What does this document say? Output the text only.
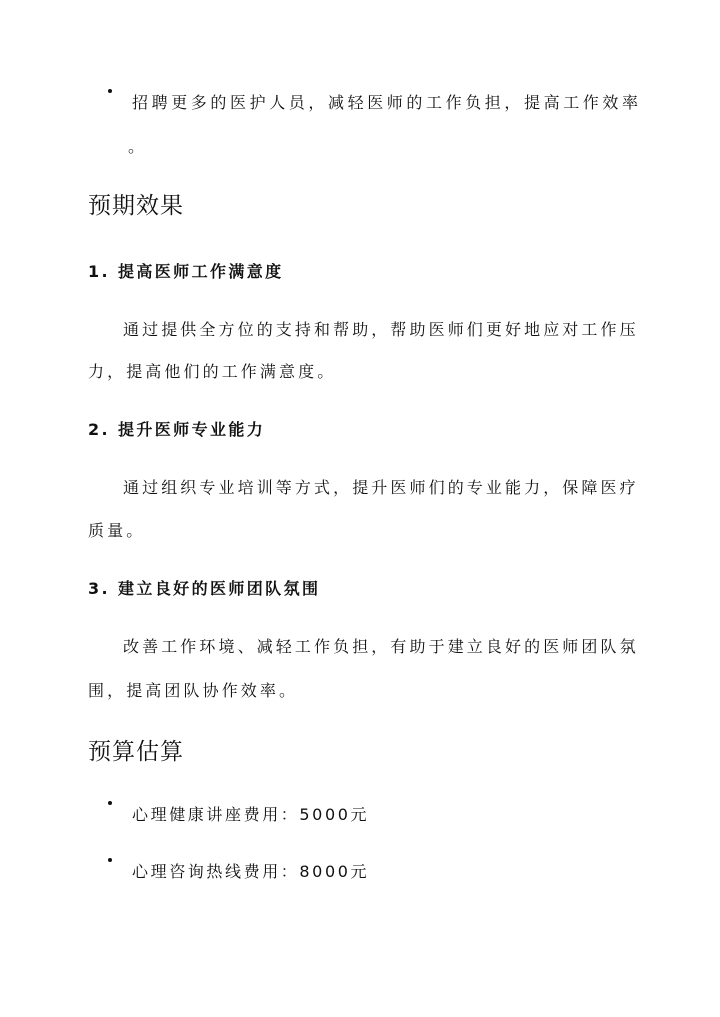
招聘更多的医护人员，减轻医师的工作负担，提高工作效率
。
预期效果
1. 提高医师工作满意度
通过提供全方位的支持和帮助，帮助医师们更好地应对工作压
力，提高他们的工作满意度。
2. 提升医师专业能力
通过组织专业培训等方式，提升医师们的专业能力，保障医疗
质量。
3. 建立良好的医师团队氛围
改善工作环境、减轻工作负担，有助于建立良好的医师团队氛
围，提高团队协作效率。
预算估算
心理健康讲座费用：5000元
心理咨询热线费用：8000元
